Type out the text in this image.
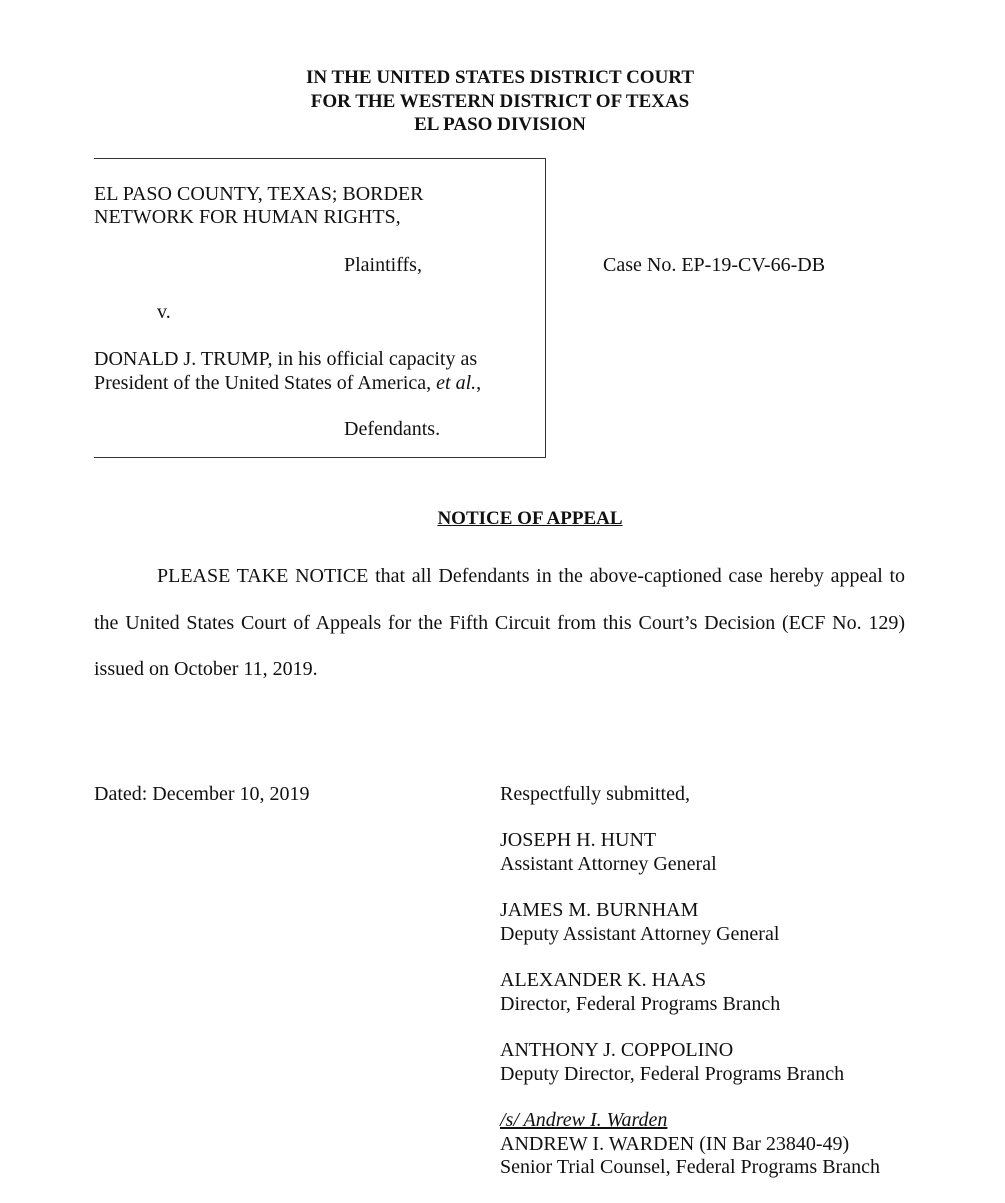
IN THE UNITED STATES DISTRICT COURT
FOR THE WESTERN DISTRICT OF TEXAS
EL PASO DIVISION
EL PASO COUNTY, TEXAS; BORDER
NETWORK FOR HUMAN RIGHTS,
Plaintiffs,
v.
DONALD J. TRUMP, in his official capacity as
President of the United States of America, et al.,
Defendants.
Case No. EP-19-CV-66-DB
NOTICE OF APPEAL
PLEASE TAKE NOTICE that all Defendants in the above-captioned case hereby appeal to the United States Court of Appeals for the Fifth Circuit from this Court’s Decision (ECF No. 129) issued on October 11, 2019.
Dated: December 10, 2019	Respectfully submitted,
JOSEPH H. HUNT
Assistant Attorney General
JAMES M. BURNHAM
Deputy Assistant Attorney General
ALEXANDER K. HAAS
Director, Federal Programs Branch
ANTHONY J. COPPOLINO
Deputy Director, Federal Programs Branch
/s/ Andrew I. Warden
ANDREW I. WARDEN (IN Bar 23840-49)
Senior Trial Counsel, Federal Programs Branch
